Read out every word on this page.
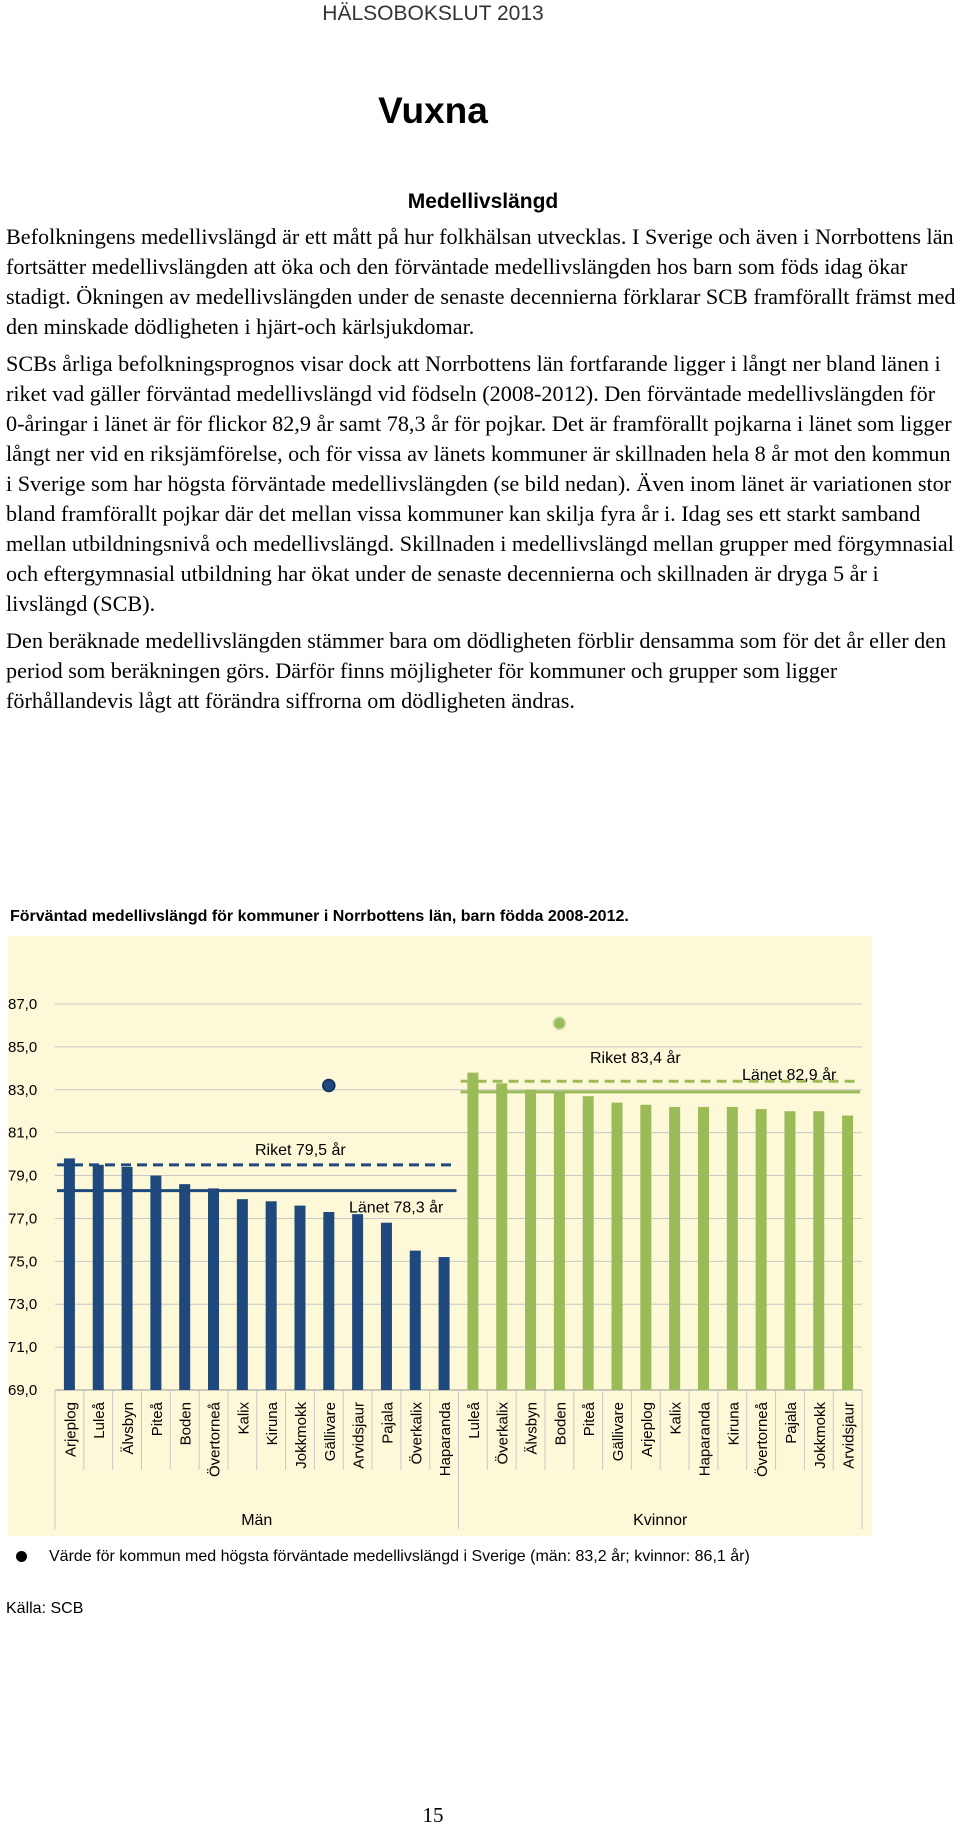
HÄLSOBOKSLUT 2013
Vuxna
Medellivslängd

Befolkningens medellivslängd är ett mått på hur folkhälsan utvecklas. I Sverige och även i Norrbottens län fortsätter medellivslängden att öka och den förväntade medellivslängden hos barn som föds idag ökar stadigt. Ökningen av medellivslängden under de senaste decennierna förklarar SCB framförallt främst med den minskade dödligheten i hjärt-och kärlsjukdomar.

SCBs årliga befolkningsprognos visar dock att Norrbottens län fortfarande ligger i långt ner bland länen i riket vad gäller förväntad medellivslängd vid födseln (2008-2012). Den förväntade medellivslängden för 0-åringar i länet är för flickor 82,9 år samt 78,3 år för pojkar. Det är framförallt pojkarna i länet som ligger långt ner vid en riksjämförelse, och för vissa av länets kommuner är skillnaden hela 8 år mot den kommun i Sverige som har högsta förväntade medellivslängden (se bild nedan). Även inom länet är variationen stor bland framförallt pojkar där det mellan vissa kommuner kan skilja fyra år i. Idag ses ett starkt samband mellan utbildningsnivå och medellivslängd. Skillnaden i medellivslängd mellan grupper med förgymnasial och eftergymnasial utbildning har ökat under de senaste decennierna och skillnaden är dryga 5 år i livslängd (SCB).

Den beräknade medellivslängden stämmer bara om dödligheten förblir densamma som för det år eller den period som beräkningen görs. Därför finns möjligheter för kommuner och grupper som ligger förhållandevis lågt att förändra siffrorna om dödligheten ändras.

Förväntad medellivslängd för kommuner i Norrbottens län, barn födda 2008-2012.
87,0
85,0
83,0
81,0
79,0
77,0
75,0
73,0
71,0
69,0
Arjeplog Luleå Älvsbyn Piteå Boden Övertorneå Kalix Kiruna Jokkmokk Gällivare Arvidsjaur Pajala Överkalix Haparanda
Riket 79,5 år
Länet 78,3 år
Män
Luleå Överkalix Älvsbyn Boden Piteå Gällivare Arjeplog Kalix Haparanda Kiruna Övertorneå Pajala Jokkmokk Arvidsjaur
Riket 83,4 år
Länet 82,9 år
Kvinnor
Värde för kommun med högsta förväntade medellivslängd i Sverige (män: 83,2 år; kvinnor: 86,1 år)
Källa: SCB
15
